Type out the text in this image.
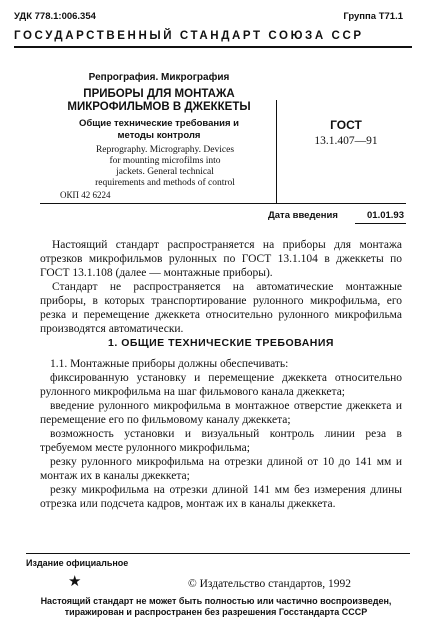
УДК 778.1:006.354	Группа Т71.1
ГОСУДАРСТВЕННЫЙ СТАНДАРТ СОЮЗА ССР
Репрография. Микрография
ПРИБОРЫ ДЛЯ МОНТАЖА
МИКРОФИЛЬМОВ В ДЖЕККЕТЫ
Общие технические требования и
методы контроля
Reprography. Micrography. Devices
for mounting microfilms into
jackets. General technical
requirements and methods of control
ОКП 42 6224
ГОСТ
13.1.407—91
Дата введения	01.01.93

Настоящий стандарт распространяется на приборы для монтажа отрезков микрофильмов рулонных по ГОСТ 13.1.104 в джеккеты по ГОСТ 13.1.108 (далее — монтажные приборы).

Стандарт не распространяется на автоматические монтажные приборы, в которых транспортирование рулонного микрофильма, его резка и перемещение джеккета относительно рулонного микрофильма производятся автоматически.

1. ОБЩИЕ ТЕХНИЧЕСКИЕ ТРЕБОВАНИЯ

1.1. Монтажные приборы должны обеспечивать:

фиксированную установку и перемещение джеккета относительно рулонного микрофильма на шаг фильмового канала джеккета;

введение рулонного микрофильма в монтажное отверстие джеккета и перемещение его по фильмовому каналу джеккета;

возможность установки и визуальный контроль линии реза в требуемом месте рулонного микрофильма;

резку рулонного микрофильма на отрезки длиной от 10 до 141 мм и монтаж их в каналы джеккета;

резку микрофильма на отрезки длиной 141 мм без измерения длины отрезка или подсчета кадров, монтаж их в каналы джеккета.

Издание официальное
★	© Издательство стандартов, 1992
Настоящий стандарт не может быть полностью или частично воспроизведен, тиражирован и распространен без разрешения Госстандарта СССР
